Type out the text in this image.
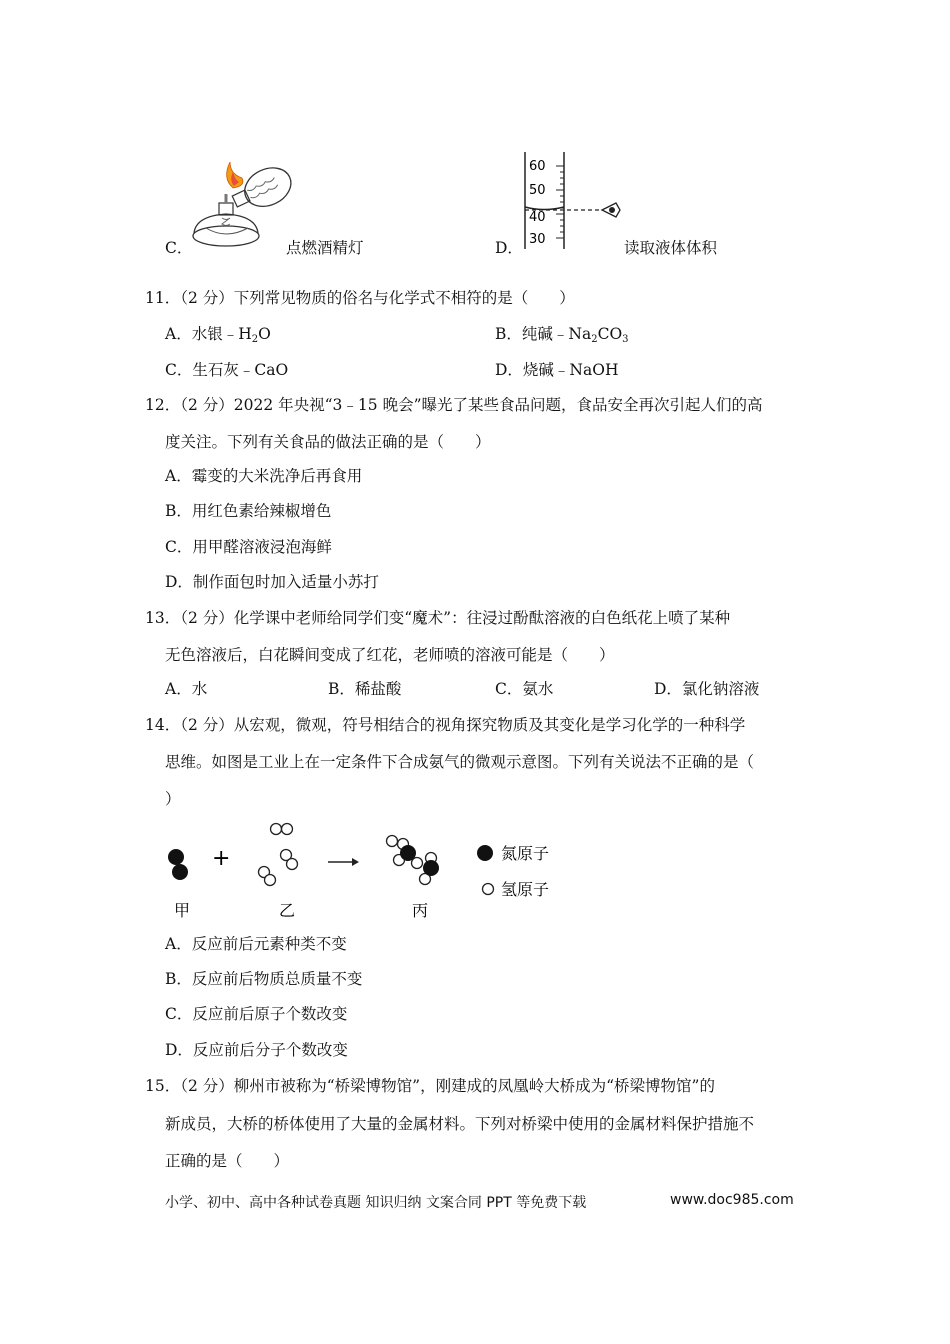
C．	点燃酒精灯
60
50
40
30
D．	读取液体体积
11．（2 分）下列常见物质的俗名与化学式不相符的是（　　）
A．水银$﹣H_2O$	B．纯碱$﹣Na_2CO_3$
C．生石灰﹣CaO	D．烧碱﹣NaOH
12．（2 分）2022 年央视“3﹣15 晚会”曝光了某些食品问题，食品安全再次引起人们的高
度关注。下列有关食品的做法正确的是（　　）
A．霉变的大米洗净后再食用
B．用红色素给辣椒增色
C．用甲醛溶液浸泡海鲜
D．制作面包时加入适量小苏打
13．（2 分）化学课中老师给同学们变“魔术”：往浸过酚酞溶液的白色纸花上喷了某种
无色溶液后，白花瞬间变成了红花，老师喷的溶液可能是（　　）
A．水	B．稀盐酸	C．氨水	D．氯化钠溶液
14．（2 分）从宏观，微观，符号相结合的视角探究物质及其变化是学习化学的一种科学
思维。如图是工业上在一定条件下合成氨气的微观示意图。下列有关说法不正确的是（
）
+	氮原子
氢原子
甲	乙	丙
A．反应前后元素种类不变
B．反应前后物质总质量不变
C．反应前后原子个数改变
D．反应前后分子个数改变
15．（2 分）柳州市被称为“桥梁博物馆”，刚建成的凤凰岭大桥成为“桥梁博物馆”的
新成员，大桥的桥体使用了大量的金属材料。下列对桥梁中使用的金属材料保护措施不
正确的是（　　）
小学、初中、高中各种试卷真题 知识归纳 文案合同 PPT 等免费下载	www.doc985.com
